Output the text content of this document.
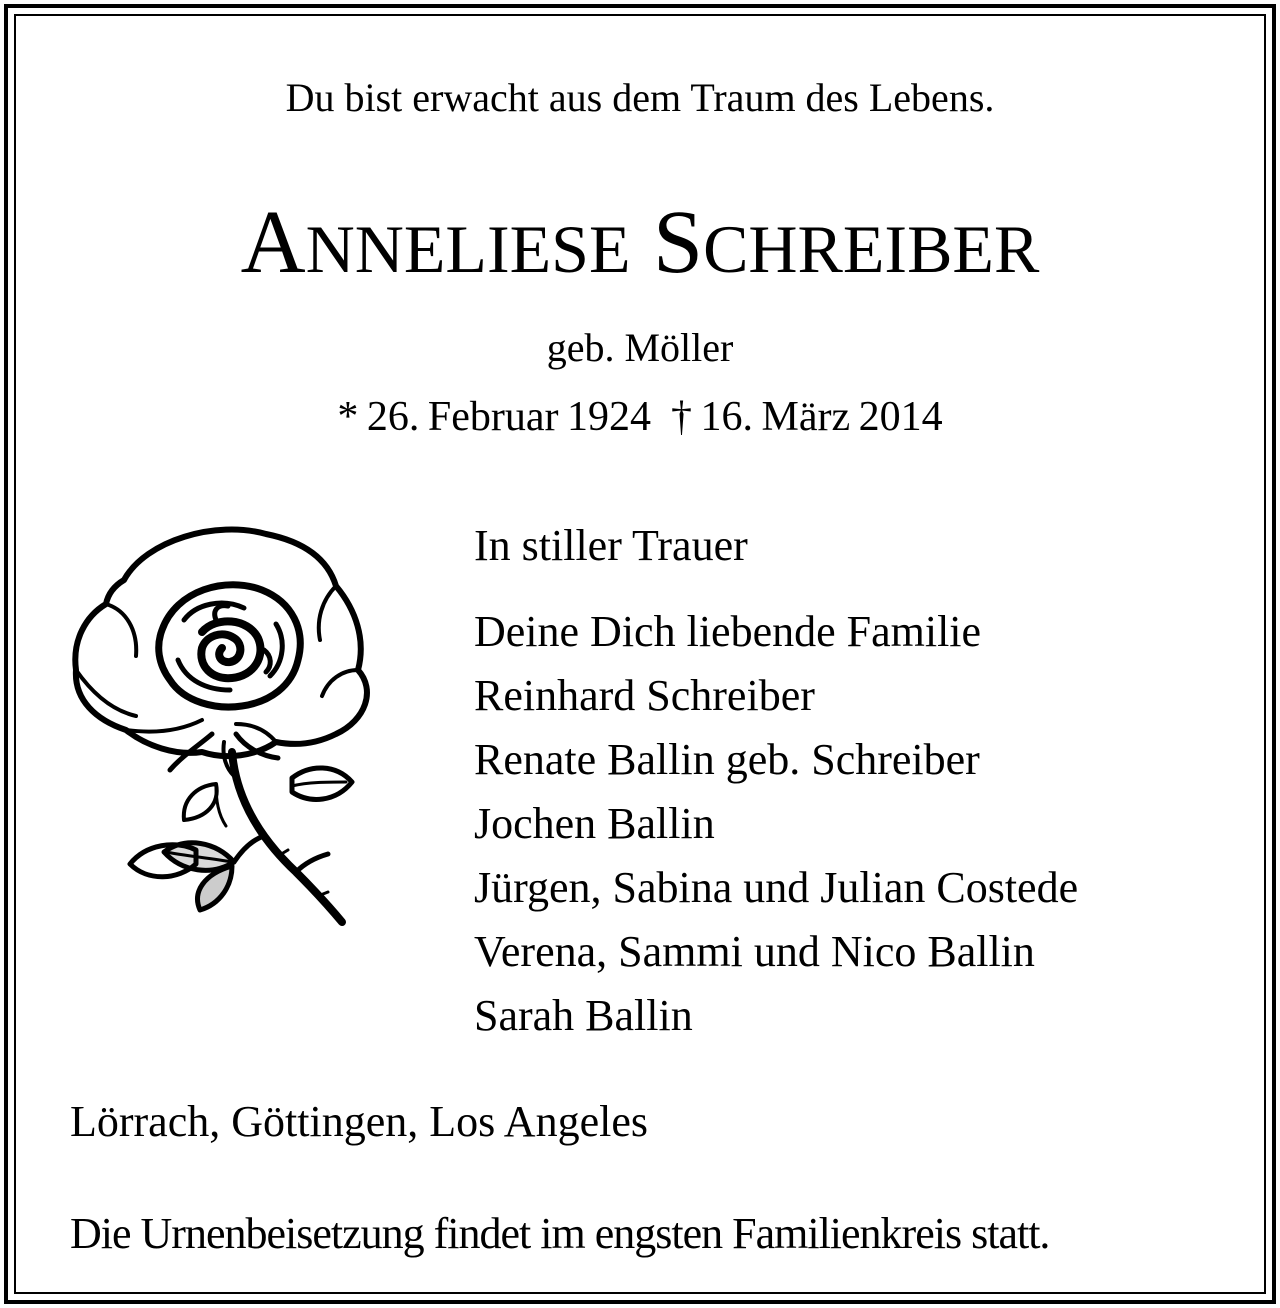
Du bist erwacht aus dem Traum des Lebens.
ANNELIESE SCHREIBER
geb. Möller
* 26. Februar 1924 † 16. März 2014
In stiller Trauer
Deine Dich liebende Familie
Reinhard Schreiber
Renate Ballin geb. Schreiber
Jochen Ballin
Jürgen, Sabina und Julian Costede
Verena, Sammi und Nico Ballin
Sarah Ballin
Lörrach, Göttingen, Los Angeles
Die Urnenbeisetzung findet im engsten Familienkreis statt.
